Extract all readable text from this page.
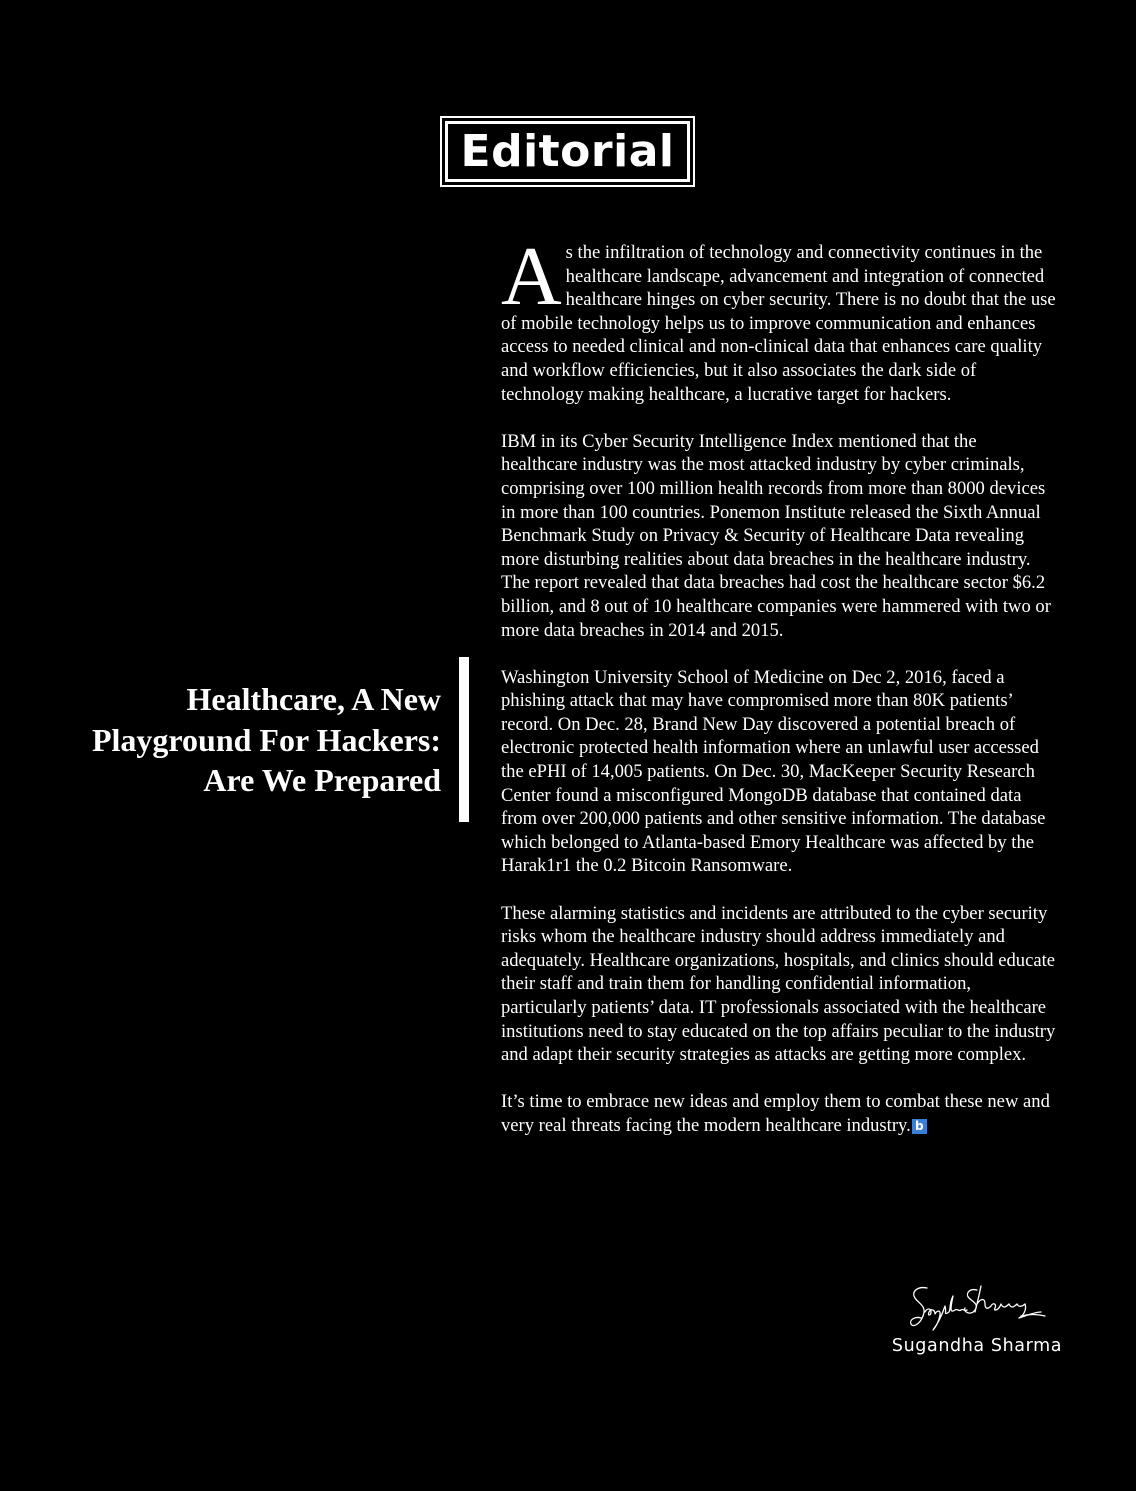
Editorial
Healthcare, A New
Playground For Hackers:
Are We Prepared

As the infiltration of technology and connectivity continues in the healthcare landscape, advancement and integration of connected healthcare hinges on cyber security. There is no doubt that the use of mobile technology helps us to improve communication and enhances access to needed clinical and non-clinical data that enhances care quality and workflow efficiencies, but it also associates the dark side of technology making healthcare, a lucrative target for hackers.

IBM in its Cyber Security Intelligence Index mentioned that the healthcare industry was the most attacked industry by cyber criminals, comprising over 100 million health records from more than 8000 devices in more than 100 countries. Ponemon Institute released the Sixth Annual Benchmark Study on Privacy & Security of Healthcare Data revealing more disturbing realities about data breaches in the healthcare industry. The report revealed that data breaches had cost the healthcare sector $6.2 billion, and 8 out of 10 healthcare companies were hammered with two or more data breaches in 2014 and 2015.

Washington University School of Medicine on Dec 2, 2016, faced a phishing attack that may have compromised more than 80K patients’ record. On Dec. 28, Brand New Day discovered a potential breach of electronic protected health information where an unlawful user accessed the ePHI of 14,005 patients. On Dec. 30, MacKeeper Security Research Center found a misconfigured MongoDB database that contained data from over 200,000 patients and other sensitive information. The database which belonged to Atlanta-based Emory Healthcare was affected by the Harak1r1 the 0.2 Bitcoin Ransomware.

These alarming statistics and incidents are attributed to the cyber security risks whom the healthcare industry should address immediately and adequately. Healthcare organizations, hospitals, and clinics should educate their staff and train them for handling confidential information, particularly patients’ data. IT professionals associated with the healthcare institutions need to stay educated on the top affairs peculiar to the industry and adapt their security strategies as attacks are getting more complex.

It’s time to embrace new ideas and employ them to combat these new and very real threats facing the modern healthcare industry. b

Sugandha Sharma
